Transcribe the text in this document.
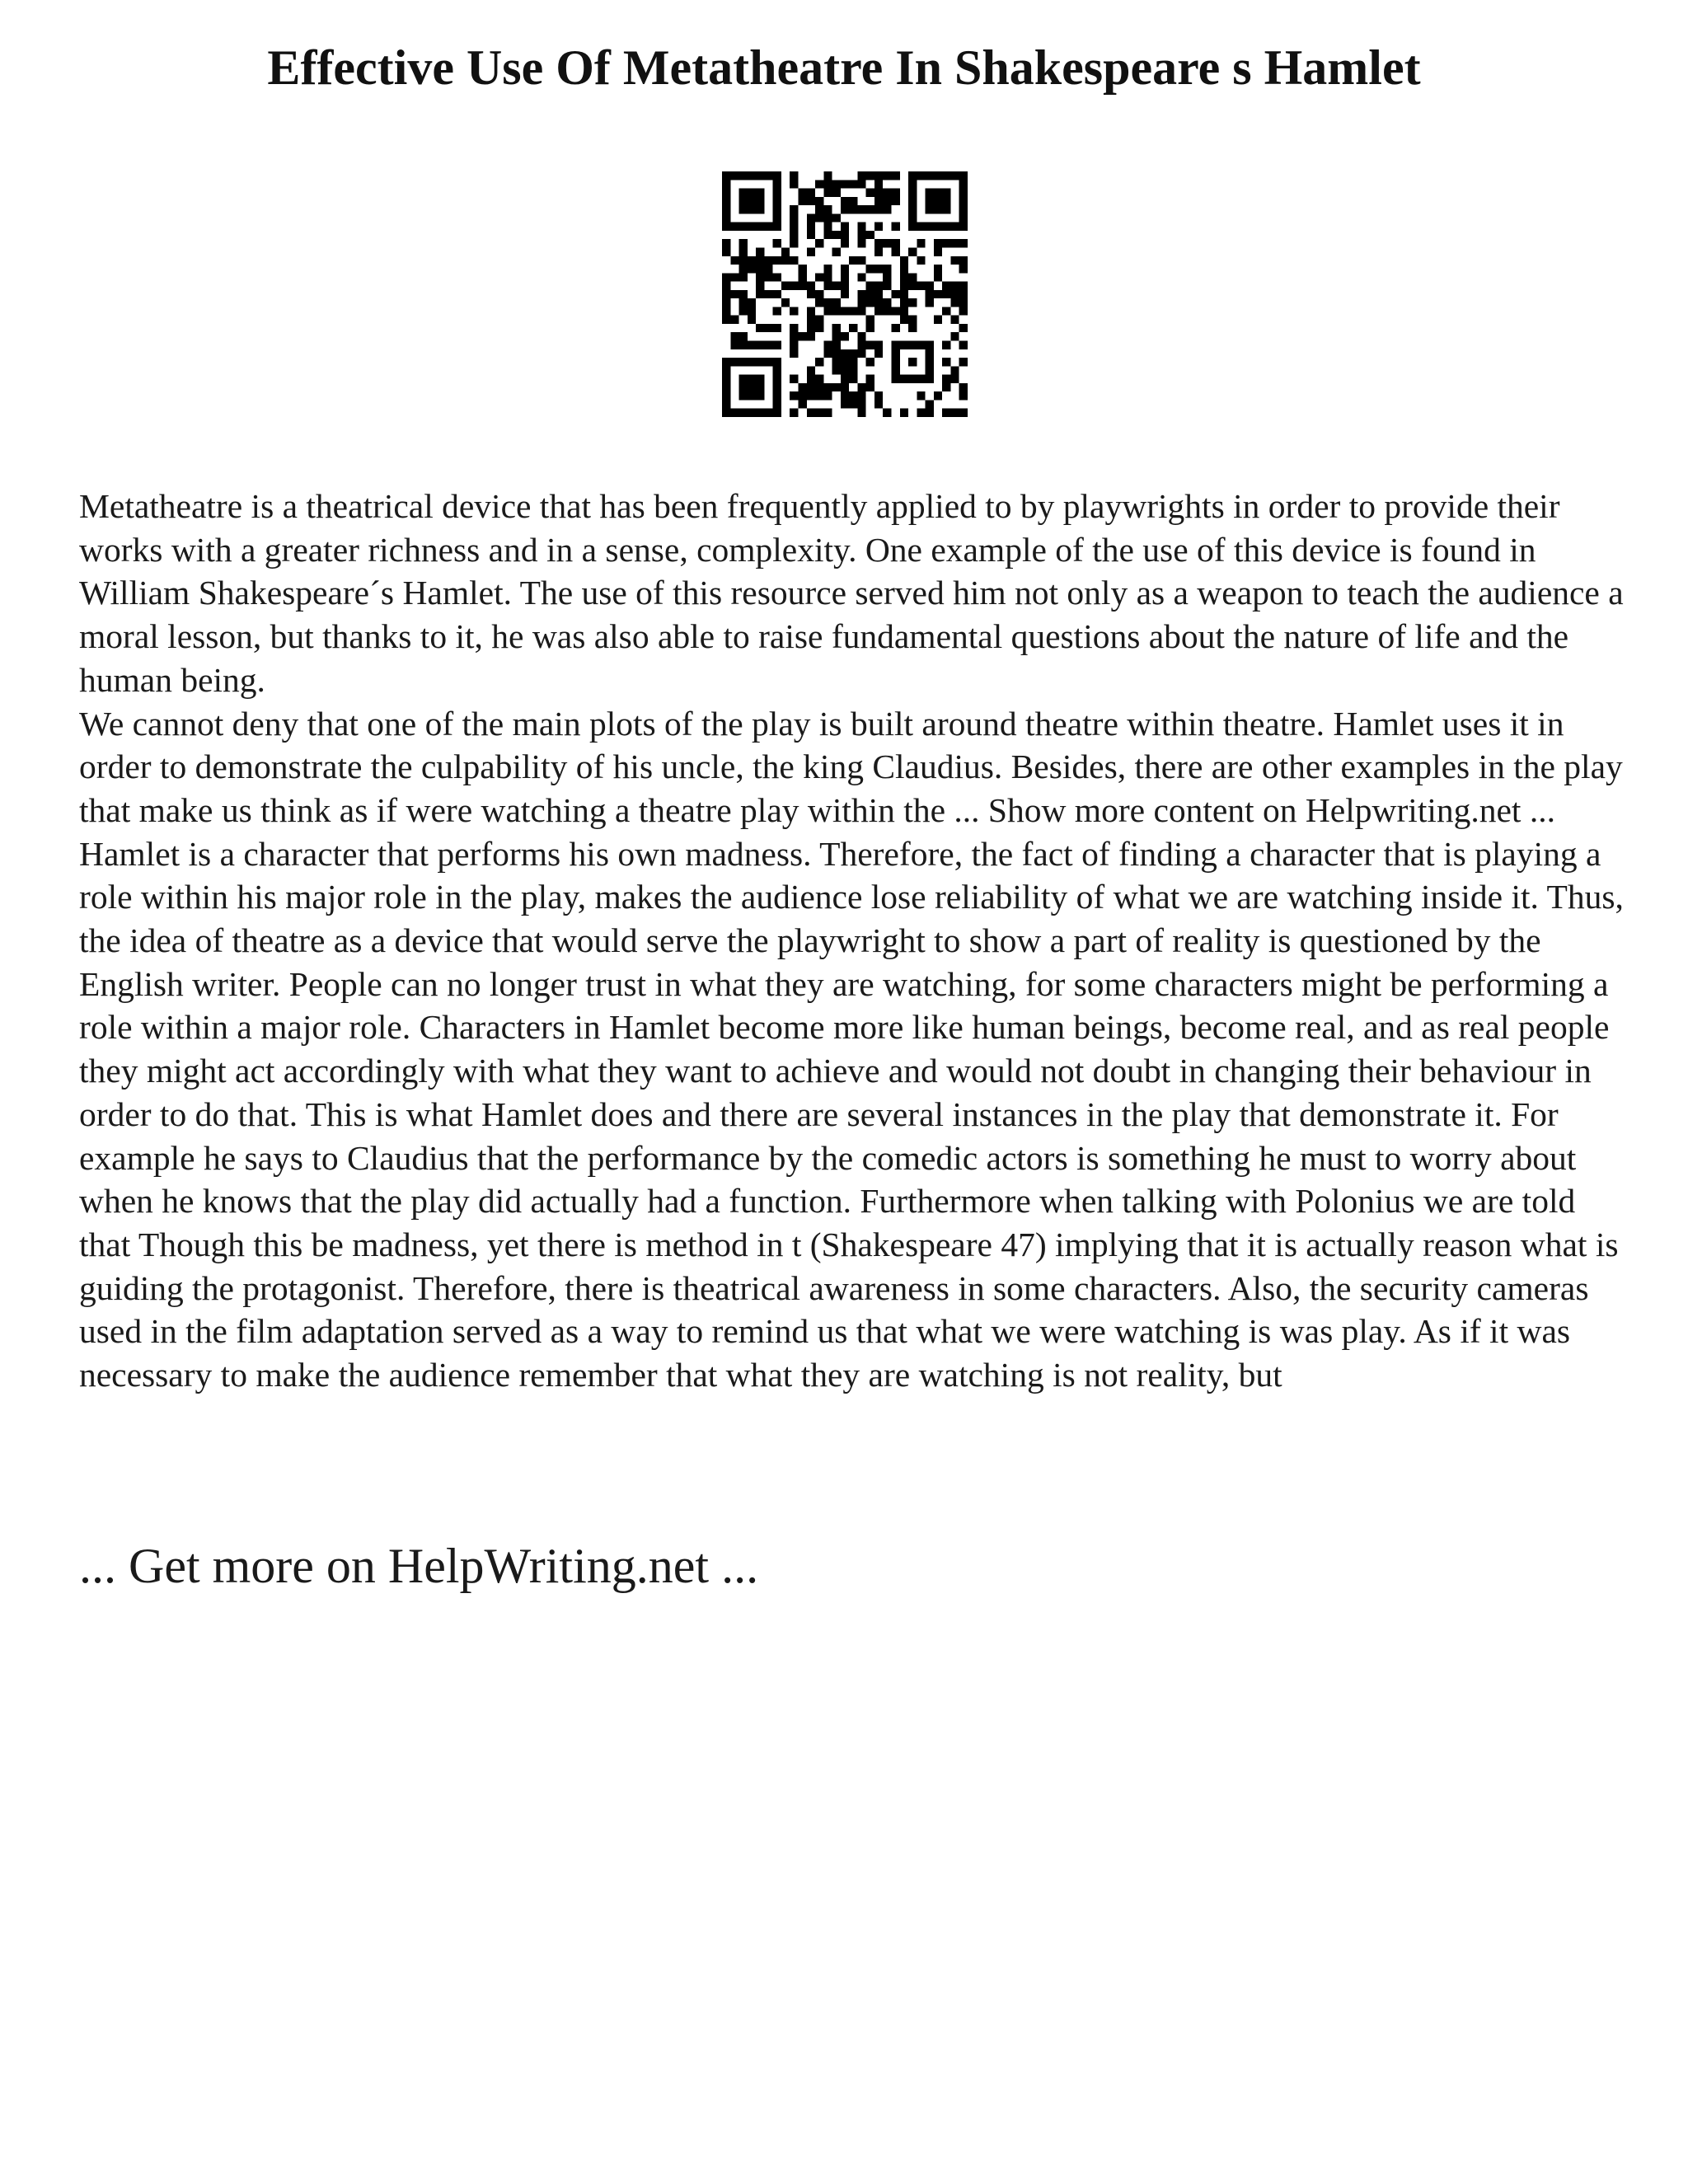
Effective Use Of Metatheatre In Shakespeare s Hamlet

Metatheatre is a theatrical device that has been frequently applied to by playwrights in order to provide their works with a greater richness and in a sense, complexity. One example of the use of this device is found in William Shakespeare´s Hamlet. The use of this resource served him not only as a weapon to teach the audience a moral lesson, but thanks to it, he was also able to raise fundamental questions about the nature of life and the human being.

We cannot deny that one of the main plots of the play is built around theatre within theatre. Hamlet uses it in order to demonstrate the culpability of his uncle, the king Claudius. Besides, there are other examples in the play that make us think as if were watching a theatre play within the ... Show more content on Helpwriting.net ...

Hamlet is a character that performs his own madness. Therefore, the fact of finding a character that is playing a role within his major role in the play, makes the audience lose reliability of what we are watching inside it. Thus, the idea of theatre as a device that would serve the playwright to show a part of reality is questioned by the English writer. People can no longer trust in what they are watching, for some characters might be performing a role within a major role. Characters in Hamlet become more like human beings, become real, and as real people they might act accordingly with what they want to achieve and would not doubt in changing their behaviour in order to do that. This is what Hamlet does and there are several instances in the play that demonstrate it. For example he says to Claudius that the performance by the comedic actors is something he must to worry about when he knows that the play did actually had a function. Furthermore when talking with Polonius we are told that Though this be madness, yet there is method in t (Shakespeare 47) implying that it is actually reason what is guiding the protagonist. Therefore, there is theatrical awareness in some characters. Also, the security cameras used in the film adaptation served as a way to remind us that what we were watching is was play. As if it was necessary to make the audience remember that what they are watching is not reality, but

... Get more on HelpWriting.net ...
